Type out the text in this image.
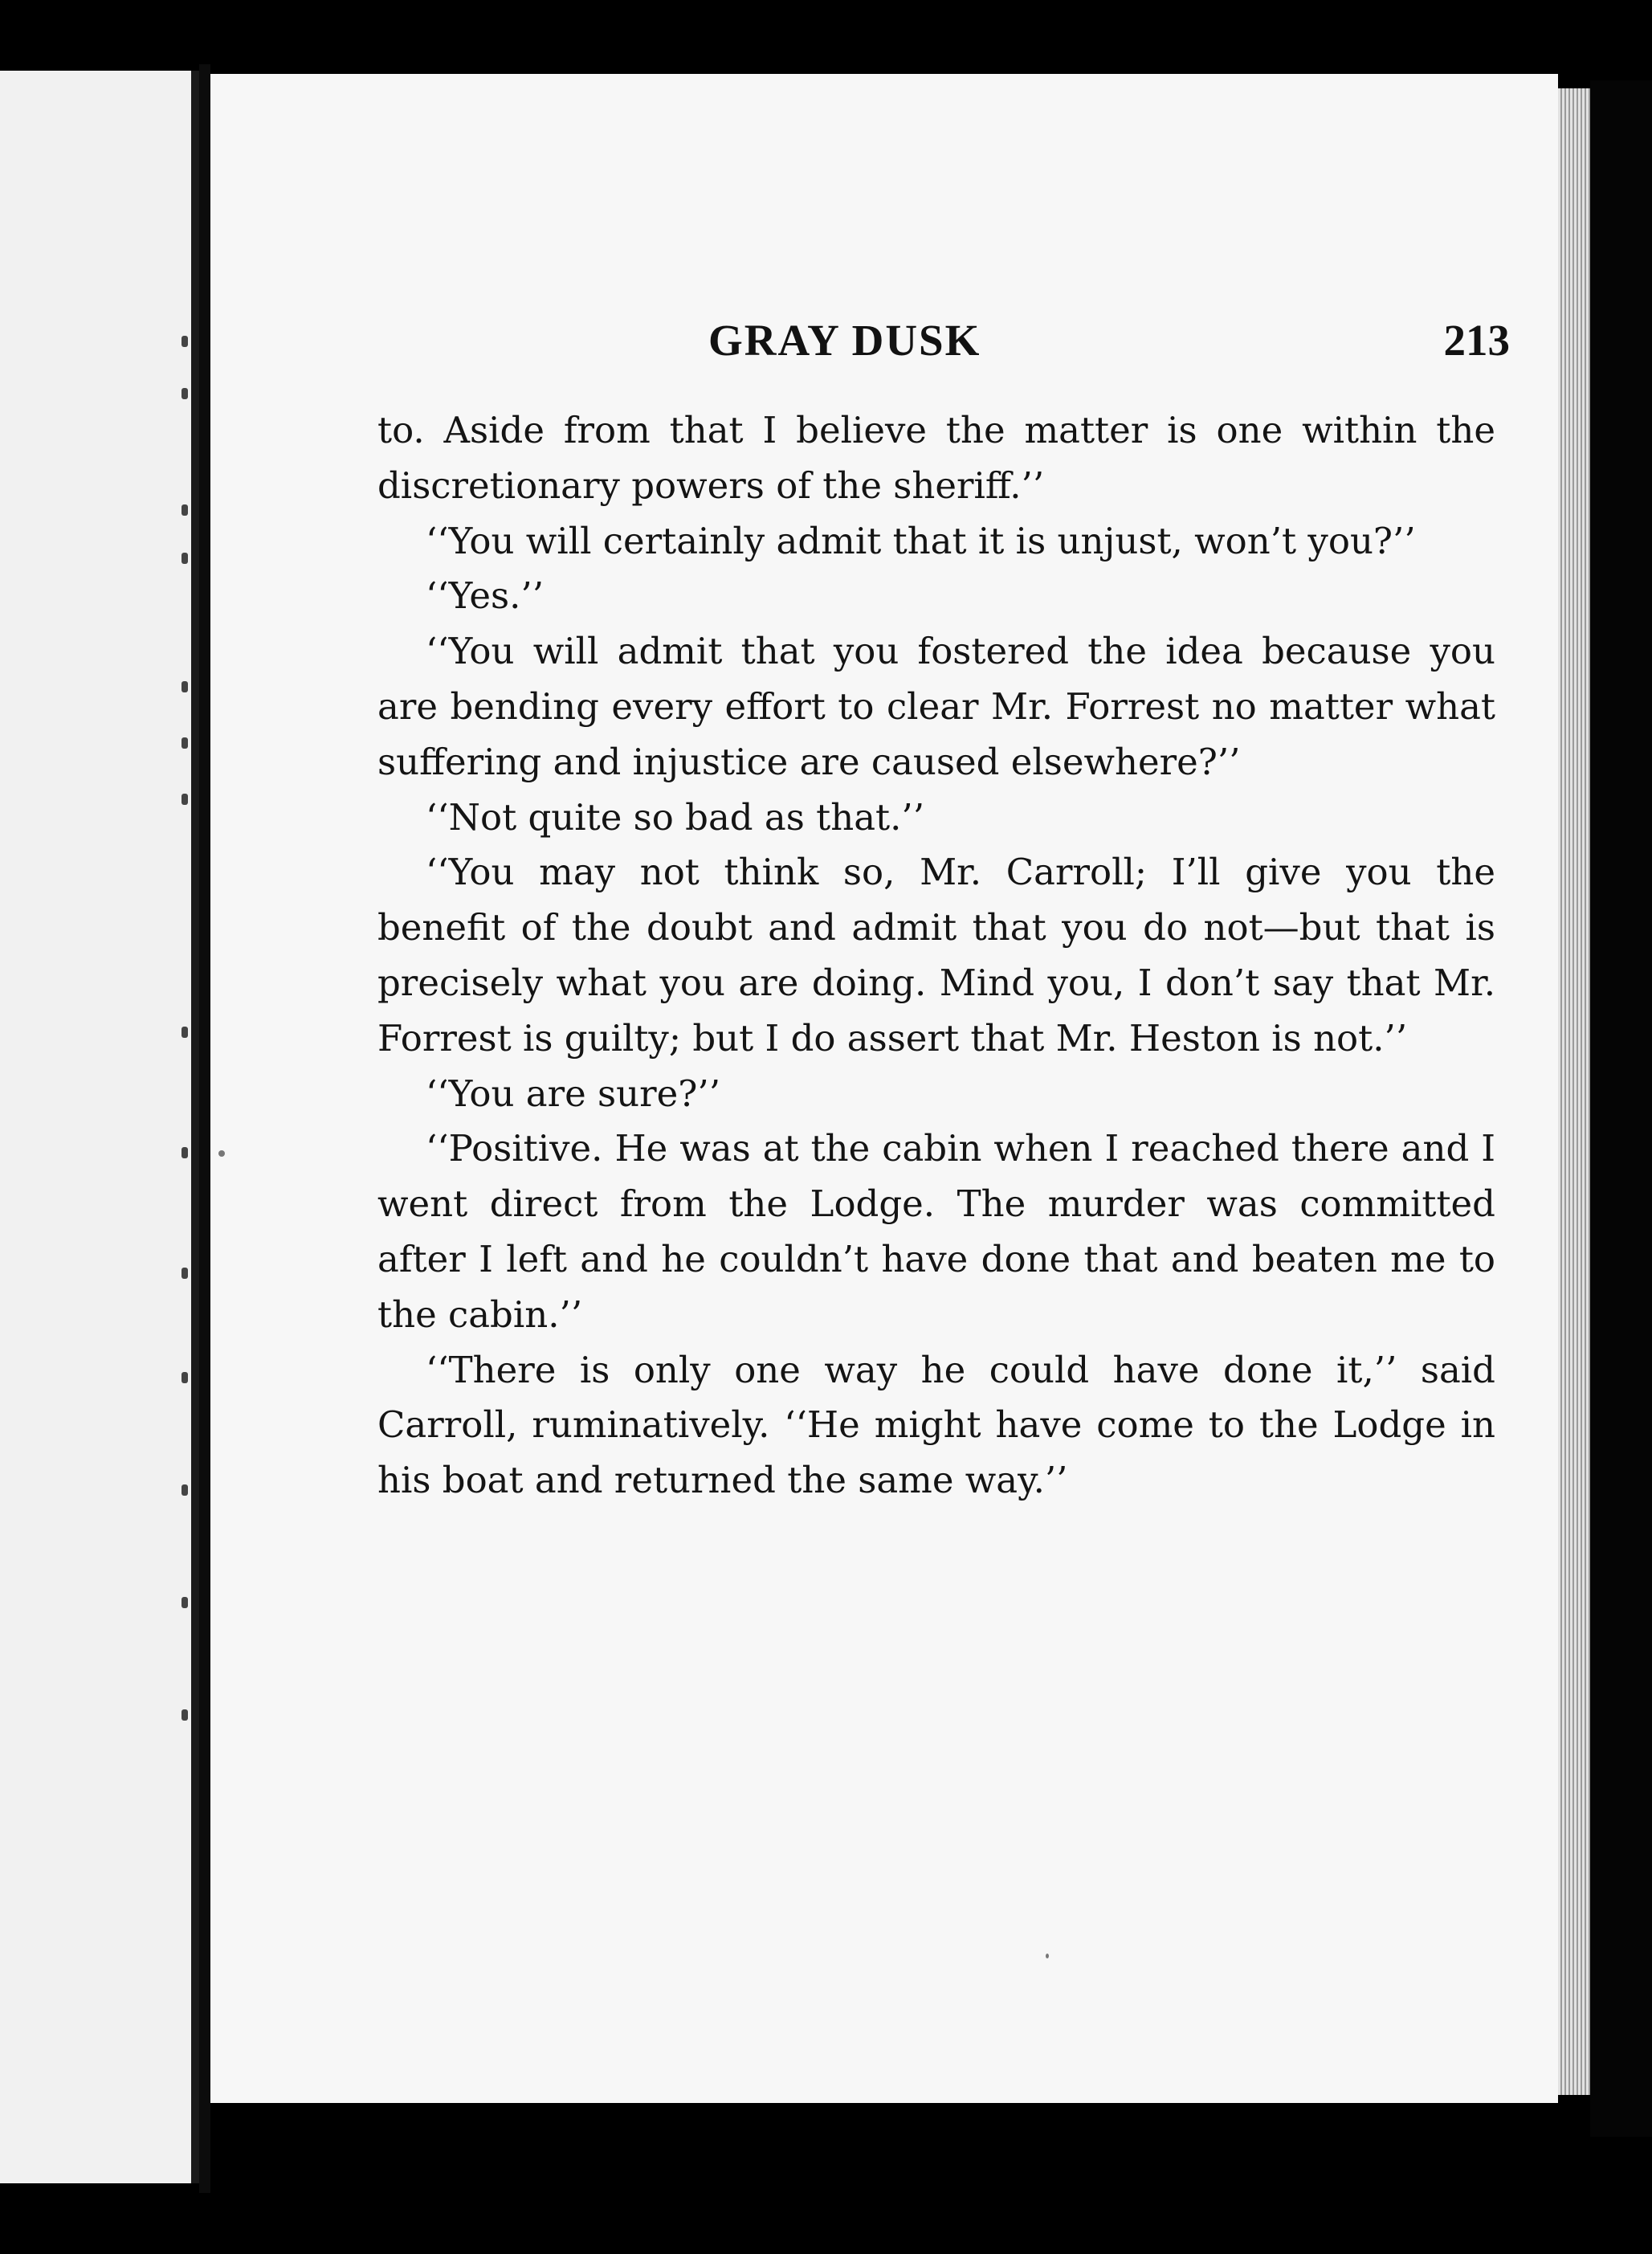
GRAY DUSK	213

to. Aside from that I believe the matter is one within the discretionary powers of the sheriff.’’

‘‘You will certainly admit that it is unjust, won’t you?’’

‘‘Yes.’’

‘‘You will admit that you fostered the idea because you are bending every effort to clear Mr. Forrest no matter what suffering and injustice are caused elsewhere?’’

‘‘Not quite so bad as that.’’

‘‘You may not think so, Mr. Carroll; I’ll give you the benefit of the doubt and admit that you do not—but that is precisely what you are doing. Mind you, I don’t say that Mr. Forrest is guilty; but I do assert that Mr. Heston is not.’’

‘‘You are sure?’’

‘‘Positive. He was at the cabin when I reached there and I went direct from the Lodge. The murder was committed after I left and he couldn’t have done that and beaten me to the cabin.’’

‘‘There is only one way he could have done it,’’ said Carroll, ruminatively. ‘‘He might have come to the Lodge in his boat and returned the same way.’’
